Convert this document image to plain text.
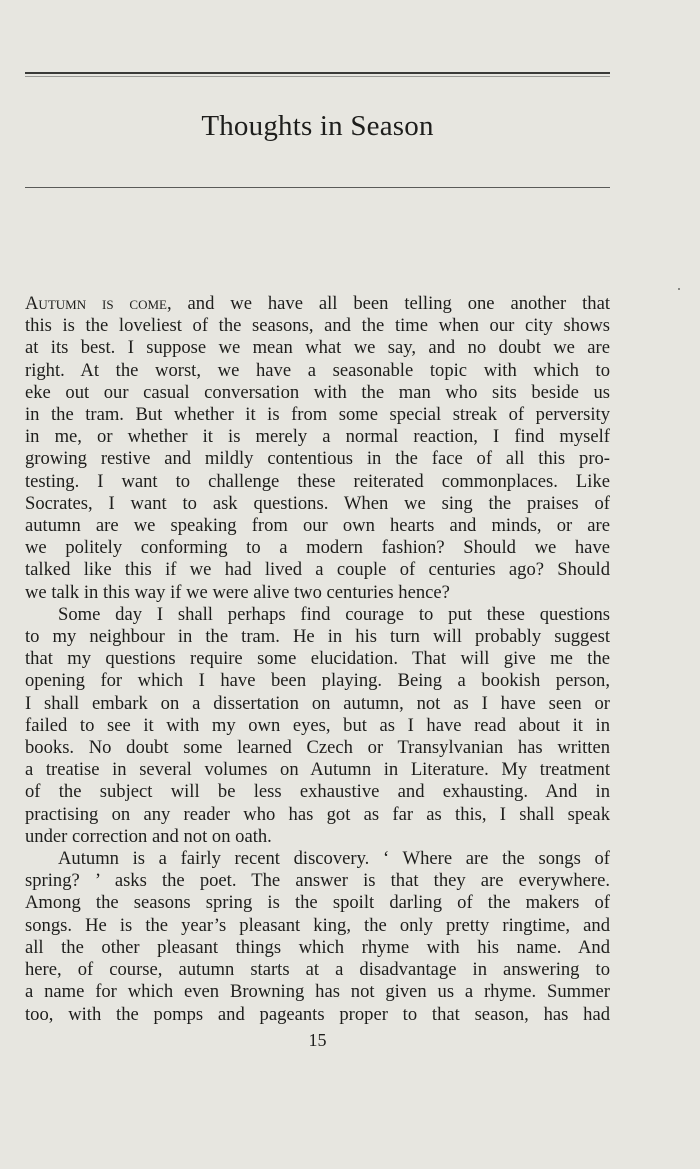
Thoughts in Season
Autumn is come, and we have all been telling one another that
this is the loveliest of the seasons, and the time when our city shows
at its best. I suppose we mean what we say, and no doubt we are
right. At the worst, we have a seasonable topic with which to
eke out our casual conversation with the man who sits beside us
in the tram. But whether it is from some special streak of perversity
in me, or whether it is merely a normal reaction, I find myself
growing restive and mildly contentious in the face of all this pro-
testing. I want to challenge these reiterated commonplaces. Like
Socrates, I want to ask questions. When we sing the praises of
autumn are we speaking from our own hearts and minds, or are
we politely conforming to a modern fashion? Should we have
talked like this if we had lived a couple of centuries ago? Should
we talk in this way if we were alive two centuries hence?
Some day I shall perhaps find courage to put these questions
to my neighbour in the tram. He in his turn will probably suggest
that my questions require some elucidation. That will give me the
opening for which I have been playing. Being a bookish person,
I shall embark on a dissertation on autumn, not as I have seen or
failed to see it with my own eyes, but as I have read about it in
books. No doubt some learned Czech or Transylvanian has written
a treatise in several volumes on Autumn in Literature. My treatment
of the subject will be less exhaustive and exhausting. And in
practising on any reader who has got as far as this, I shall speak
under correction and not on oath.
Autumn is a fairly recent discovery. ‘ Where are the songs of
spring? ’ asks the poet. The answer is that they are everywhere.
Among the seasons spring is the spoilt darling of the makers of
songs. He is the year’s pleasant king, the only pretty ringtime, and
all the other pleasant things which rhyme with his name. And
here, of course, autumn starts at a disadvantage in answering to
a name for which even Browning has not given us a rhyme. Summer
too, with the pomps and pageants proper to that season, has had
15
